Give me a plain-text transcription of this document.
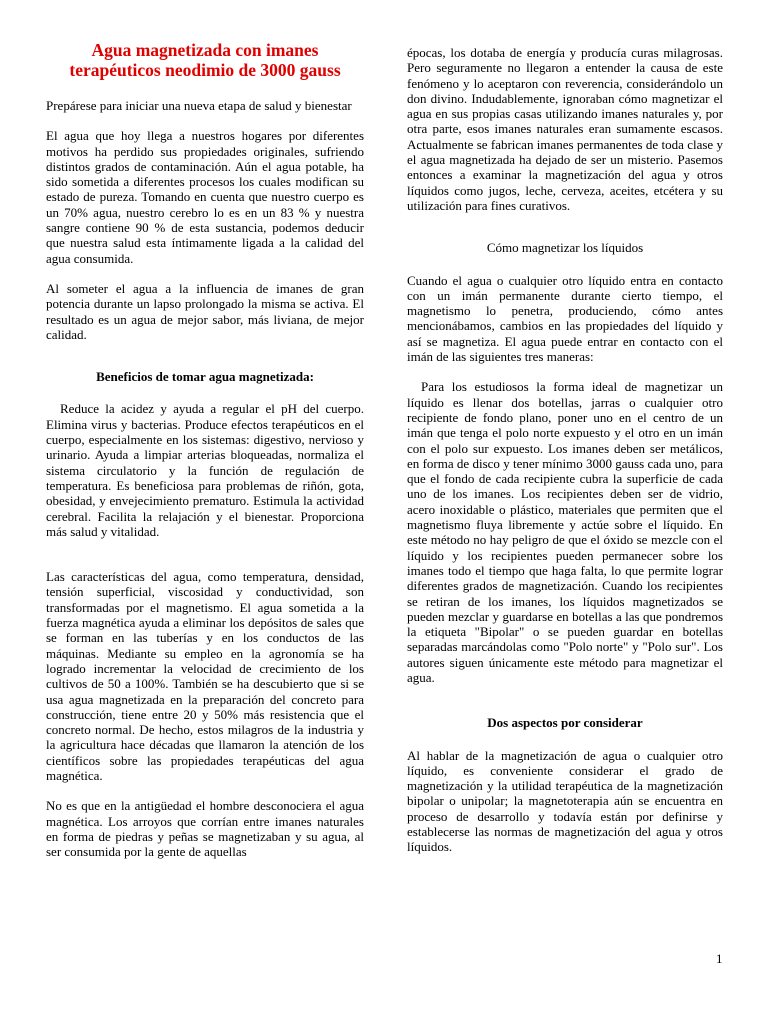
Agua magnetizada con imanes terapéuticos neodimio de 3000 gauss

Prepárese para iniciar una nueva etapa de salud y bienestar

El agua que hoy llega a nuestros hogares por diferentes motivos ha perdido sus propiedades originales, sufriendo distintos grados de contaminación. Aún el agua potable, ha sido sometida a diferentes procesos los cuales modifican su estado de pureza. Tomando en cuenta que nuestro cuerpo es un 70% agua, nuestro cerebro lo es en un 83 % y nuestra sangre contiene 90 % de esta sustancia, podemos deducir que nuestra salud esta íntimamente ligada a la calidad del agua consumida.

Al someter el agua a la influencia de imanes de gran potencia durante un lapso prolongado la misma se activa. El resultado es un agua de mejor sabor, más liviana, de mejor calidad.

Beneficios de tomar agua magnetizada:

Reduce la acidez y ayuda a regular el pH del cuerpo. Elimina virus y bacterias. Produce efectos terapéuticos en el cuerpo, especialmente en los sistemas: digestivo, nervioso y urinario. Ayuda a limpiar arterias bloqueadas, normaliza el sistema circulatorio y la función de regulación de temperatura. Es beneficiosa para problemas de riñón, gota, obesidad, y envejecimiento prematuro. Estimula la actividad cerebral. Facilita la relajación y el bienestar. Proporciona más salud y vitalidad.

Las características del agua, como temperatura, densidad, tensión superficial, viscosidad y conductividad, son transformadas por el magnetismo. El agua sometida a la fuerza magnética ayuda a eliminar los depósitos de sales que se forman en las tuberías y en los conductos de las máquinas. Mediante su empleo en la agronomía se ha logrado incrementar la velocidad de crecimiento de los cultivos de 50 a 100%. También se ha descubierto que si se usa agua magnetizada en la preparación del concreto para construcción, tiene entre 20 y 50% más resistencia que el concreto normal. De hecho, estos milagros de la industria y la agricultura hace décadas que llamaron la atención de los científicos sobre las propiedades terapéuticas del agua magnética.

No es que en la antigüedad el hombre desconociera el agua magnética. Los arroyos que corrían entre imanes naturales en forma de piedras y peñas se magnetizaban y su agua, al ser consumida por la gente de aquellas

épocas, los dotaba de energía y producía curas milagrosas. Pero seguramente no llegaron a entender la causa de este fenómeno y lo aceptaron con reverencia, considerándolo un don divino. Indudablemente, ignoraban cómo magnetizar el agua en sus propias casas utilizando imanes naturales y, por otra parte, esos imanes naturales eran sumamente escasos. Actualmente se fabrican imanes permanentes de toda clase y el agua magnetizada ha dejado de ser un misterio. Pasemos entonces a examinar la magnetización del agua y otros líquidos como jugos, leche, cerveza, aceites, etcétera y su utilización para fines curativos.

Cómo magnetizar los líquidos

Cuando el agua o cualquier otro líquido entra en contacto con un imán permanente durante cierto tiempo, el magnetismo lo penetra, produciendo, cómo antes mencionábamos, cambios en las propiedades del líquido y así se magnetiza. El agua puede entrar en contacto con el imán de las siguientes tres maneras:

Para los estudiosos la forma ideal de magnetizar un líquido es llenar dos botellas, jarras o cualquier otro recipiente de fondo plano, poner uno en el centro de un imán que tenga el polo norte expuesto y el otro en un imán con el polo sur expuesto. Los imanes deben ser metálicos, en forma de disco y tener mínimo 3000 gauss cada uno, para que el fondo de cada recipiente cubra la superficie de cada uno de los imanes. Los recipientes deben ser de vidrio, acero inoxidable o plástico, materiales que permiten que el magnetismo fluya libremente y actúe sobre el líquido. En este método no hay peligro de que el óxido se mezcle con el líquido y los recipientes pueden permanecer sobre los imanes todo el tiempo que haga falta, lo que permite lograr diferentes grados de magnetización. Cuando los recipientes se retiran de los imanes, los líquidos magnetizados se pueden mezclar y guardarse en botellas a las que pondremos la etiqueta "Bipolar" o se pueden guardar en botellas separadas marcándolas como "Polo norte" y "Polo sur". Los autores siguen únicamente este método para magnetizar el agua.

Dos aspectos por considerar

Al hablar de la magnetización de agua o cualquier otro líquido, es conveniente considerar el grado de magnetización y la utilidad terapéutica de la magnetización bipolar o unipolar; la magnetoterapia aún se encuentra en proceso de desarrollo y todavía están por definirse y establecerse las normas de magnetización del agua y otros líquidos.

1
